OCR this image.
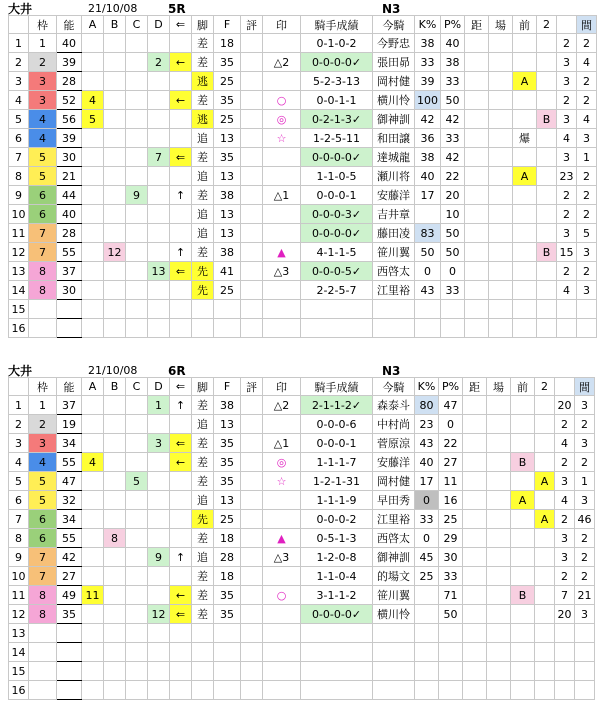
大井	21/10/08	5R	N3
	枠	能	A	B	C	D	⇐	脚	F	評	印	騎手成績	今騎	K%	P%	距	場	前	2		間
1	1	40						差	18			0-1-0-2	今野忠	38	40					2	2
2	2	39				2	←	差	35		△2	0-0-0-0✓	張田昴	33	38					3	4
3	3	28						逃	25			5-2-3-13	岡村健	39	33			A		3	2
4	3	52	4				←	差	35		○	0-0-1-1	横川怜	100	50					2	2
5	4	56	5					逃	25		◎	0-2-1-3✓	御神訓	42	42				B	3	4
6	4	39						追	13		☆	1-2-5-11	和田譲	36	33			爆		4	3
7	5	30				7	⇐	差	35			0-0-0-0✓	達城龍	38	42					3	1
8	5	21						追	13			1-1-0-5	瀬川将	40	22			A		23	2
9	6	44			9		↑	差	38		△1	0-0-0-1	安藤洋	17	20					2	2
10	6	40						追	13			0-0-0-3✓	吉井章		10					2	2
11	7	28						追	13			0-0-0-0✓	藤田凌	83	50					3	5
12	7	55		12			↑	差	38		▲	4-1-1-5	笹川翼	50	50				B	15	3
13	8	37				13	⇐	先	41		△3	0-0-0-5✓	西啓太	0	0					2	2
14	8	30						先	25			2-2-5-7	江里裕	43	33					4	3
15																					
16																					
大井	21/10/08	6R	N3
	枠	能	A	B	C	D	⇐	脚	F	評	印	騎手成績	今騎	K%	P%	距	場	前	2		間
1	1	37				1	↑	差	38		△2	2-1-1-2✓	森泰斗	80	47					20	3
2	2	19						追	13			0-0-0-6	中村尚	23	0					2	2
3	3	34				3	⇐	差	35		△1	0-0-0-1	菅原涼	43	22					4	3
4	4	55	4				←	差	35		◎	1-1-1-7	安藤洋	40	27			B		2	2
5	5	47			5			差	35		☆	1-2-1-31	岡村健	17	11				A	3	1
6	5	32						追	13			1-1-1-9	早田秀	0	16			A		4	3
7	6	34						先	25			0-0-0-2	江里裕	33	25				A	2	46
8	6	55		8				差	18		▲	0-5-1-3	西啓太	0	29					3	2
9	7	42				9	↑	追	28		△3	1-2-0-8	御神訓	45	30					3	2
10	7	27						差	18			1-1-0-4	的場文	25	33					2	2
11	8	49	11				←	差	35		○	3-1-1-2	笹川翼		71			B		7	21
12	8	35				12	⇐	差	35			0-0-0-0✓	横川怜		50					20	3
13																					
14																					
15																					
16																					
